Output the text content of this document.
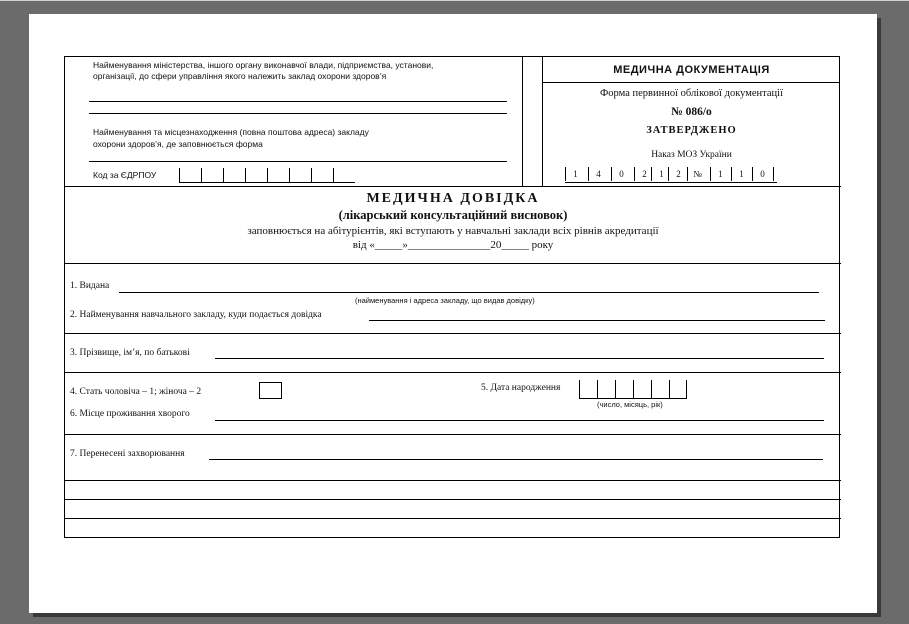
Найменування міністерства, іншого органу виконавчої влади, підприємства, установи,
організації, до сфери управління якого належить заклад охорони здоров’я
Найменування та місцезнаходження (повна поштова адреса) закладу
охорони здоров’я, де заповнюється форма
Код за ЄДРПОУ
МЕДИЧНА ДОКУМЕНТАЦІЯ
Форма первинної облікової документації
№ 086/о
ЗАТВЕРДЖЕНО
Наказ МОЗ України
1	4	0	2	1	2	№	1	1	0
МЕДИЧНА ДОВІДКА
(лікарський консультаційний висновок)
заповнюється на абітурієнтів, які вступають у навчальні заклади всіх рівнів акредитації
від «_____»_______________20_____ року
1. Видана
(найменування і адреса закладу, що видав довідку)
2. Найменування навчального закладу, куди подається довідка
3. Прізвище, ім’я, по батькові
4. Стать чоловіча – 1; жіноча – 2	5. Дата народження
(число, місяць, рік)
6. Місце проживання хворого
7. Перенесені захворювання
